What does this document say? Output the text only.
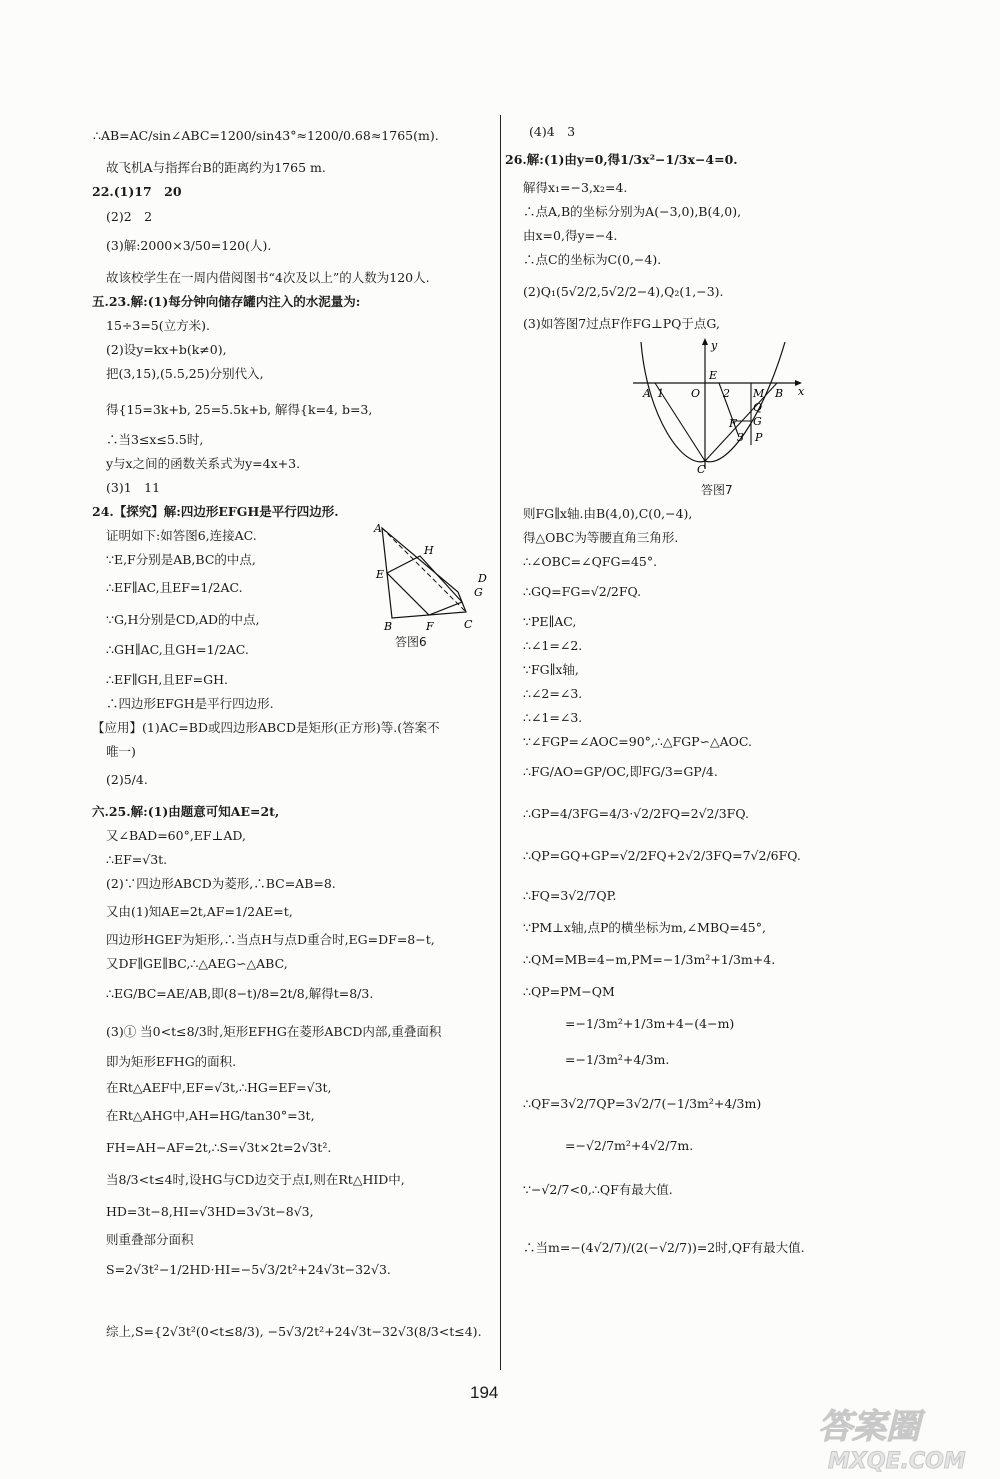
∴AB=AC/sin∠ABC=1200/sin43°≈1200/0.68≈1765(m).
故飞机A与指挥台B的距离约为1765 m.
22.(1)17　20
(2)2　2
(3)解:2000×3/50=120(人).
故该校学生在一周内借阅图书“4次及以上”的人数为120人.
五.23.解:(1)每分钟向储存罐内注入的水泥量为:
15÷3=5(立方米).
(2)设y=kx+b(k≠0),
把(3,15),(5.5,25)分别代入,
得{15=3k+b, 25=5.5k+b, 解得{k=4, b=3,
∴当3≤x≤5.5时,
y与x之间的函数关系式为y=4x+3.
(3)1　11
24.【探究】解:四边形EFGH是平行四边形.
证明如下:如答图6,连接AC.
∵E,F分别是AB,BC的中点,
∴EF∥AC,且EF=1/2AC.
∵G,H分别是CD,AD的中点,
∴GH∥AC,且GH=1/2AC.
∴EF∥GH,且EF=GH.
∴四边形EFGH是平行四边形.
【应用】(1)AC=BD或四边形ABCD是矩形(正方形)等.(答案不
唯一)
(2)5/4.
六.25.解:(1)由题意可知AE=2t,
又∠BAD=60°,EF⊥AD,
∴EF=√3t.
(2)∵四边形ABCD为菱形,∴BC=AB=8.
又由(1)知AE=2t,AF=1/2AE=t,
四边形HGEF为矩形,∴当点H与点D重合时,EG=DF=8−t,
又DF∥GE∥BC,∴△AEG∽△ABC,
∴EG/BC=AE/AB,即(8−t)/8=2t/8,解得t=8/3.
(3)① 当0<t≤8/3时,矩形EFHG在菱形ABCD内部,重叠面积
即为矩形EFHG的面积.
在Rt△AEF中,EF=√3t,∴HG=EF=√3t,
在Rt△AHG中,AH=HG/tan30°=3t,
FH=AH−AF=2t,∴S=√3t×2t=2√3t².
当8/3<t≤4时,设HG与CD边交于点I,则在Rt△HID中,
HD=3t−8,HI=√3HD=3√3t−8√3,
则重叠部分面积
S=2√3t²−1/2HD·HI=−5√3/2t²+24√3t−32√3.
综上,S={2√3t²(0<t≤8/3), −5√3/2t²+24√3t−32√3(8/3<t≤4).
A
H
E	D
G
B	F	C
答图6
(4)4　3
26.解:(1)由y=0,得1/3x²−1/3x−4=0.
解得x₁=−3,x₂=4.
∴点A,B的坐标分别为A(−3,0),B(4,0),
由x=0,得y=−4.
∴点C的坐标为C(0,−4).
(2)Q₁(5√2/2,5√2/2−4),Q₂(1,−3).
(3)如答图7过点F作FG⊥PQ于点G,
则FG∥x轴.由B(4,0),C(0,−4),
得△OBC为等腰直角三角形.
∴∠OBC=∠QFG=45°.
∴GQ=FG=√2/2FQ.
∵PE∥AC,
∴∠1=∠2.
∵FG∥x轴,
∴∠2=∠3.
∴∠1=∠3.
∵∠FGP=∠AOC=90°,∴△FGP∽△AOC.
∴FG/AO=GP/OC,即FG/3=GP/4.
∴GP=4/3FG=4/3·√2/2FQ=2√2/3FQ.
∴QP=GQ+GP=√2/2FQ+2√2/3FQ=7√2/6FQ.
∴FQ=3√2/7QP.
∵PM⊥x轴,点P的横坐标为m,∠MBQ=45°,
∴QM=MB=4−m,PM=−1/3m²+1/3m+4.
∴QP=PM−QM
=−1/3m²+1/3m+4−(4−m)
=−1/3m²+4/3m.
∴QF=3√2/7QP=3√2/7(−1/3m²+4/3m)
=−√2/7m²+4√2/7m.
∵−√2/7<0,∴QF有最大值.
∴当m=−(4√2/7)/(2(−√2/7))=2时,QF有最大值.
y
x
A 1 O
E
2 M B
Q
G
F
3 P
C
答图7
194
答案圈
MXQE.COM
